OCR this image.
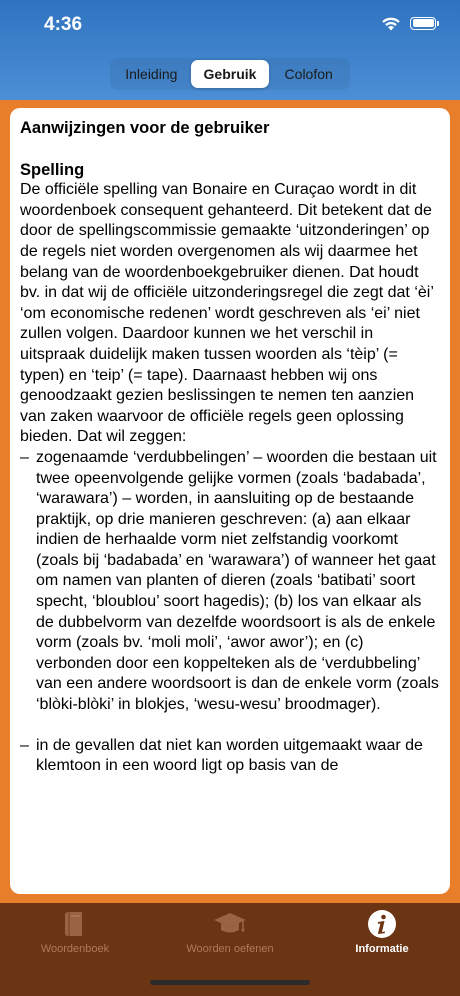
4:36
Inleiding	Gebruik	Colofon
Aanwijzingen voor de gebruiker
Spelling

De officiële spelling van Bonaire en Curaçao wordt in dit woordenboek consequent gehanteerd. Dit betekent dat de door de spellingscommissie gemaakte ‘uitzonderingen’ op de regels niet worden overgenomen als wij daarmee het belang van de woordenboekgebruiker dienen. Dat houdt bv. in dat wij de officiële uitzonderingsregel die zegt dat ‘èi’ ‘om economische redenen’ wordt geschreven als ‘ei’ niet zullen volgen. Daardoor kunnen we het verschil in uitspraak duidelijk maken tussen woorden als ‘tèip’ (= typen) en ‘teip’ (= tape). Daarnaast hebben wij ons genoodzaakt gezien beslissingen te nemen ten aanzien van zaken waarvoor de officiële regels geen oplossing bieden. Dat wil zeggen:

– zogenaamde ‘verdubbelingen’ – woorden die bestaan uit twee opeenvolgende gelijke vormen (zoals ‘badabada’, ‘warawara’) – worden, in aansluiting op de bestaande praktijk, op drie manieren geschreven: (a) aan elkaar indien de herhaalde vorm niet zelfstandig voorkomt (zoals bij ‘badabada’ en ‘warawara’) of wanneer het gaat om namen van planten of dieren (zoals ‘batibati’ soort specht, ‘bloublou’ soort hagedis); (b) los van elkaar als de dubbelvorm van dezelfde woordsoort is als de enkele vorm (zoals bv. ‘moli moli’, ‘awor awor’); en (c) verbonden door een koppelteken als de ‘verdubbeling’ van een andere woordsoort is dan de enkele vorm (zoals ‘blòki-blòki’ in blokjes, ‘wesu-wesu’ broodmager).
– in de gevallen dat niet kan worden uitgemaakt waar de klemtoon in een woord ligt op basis van de
Woordenboek	Woorden oefenen	Informatie
